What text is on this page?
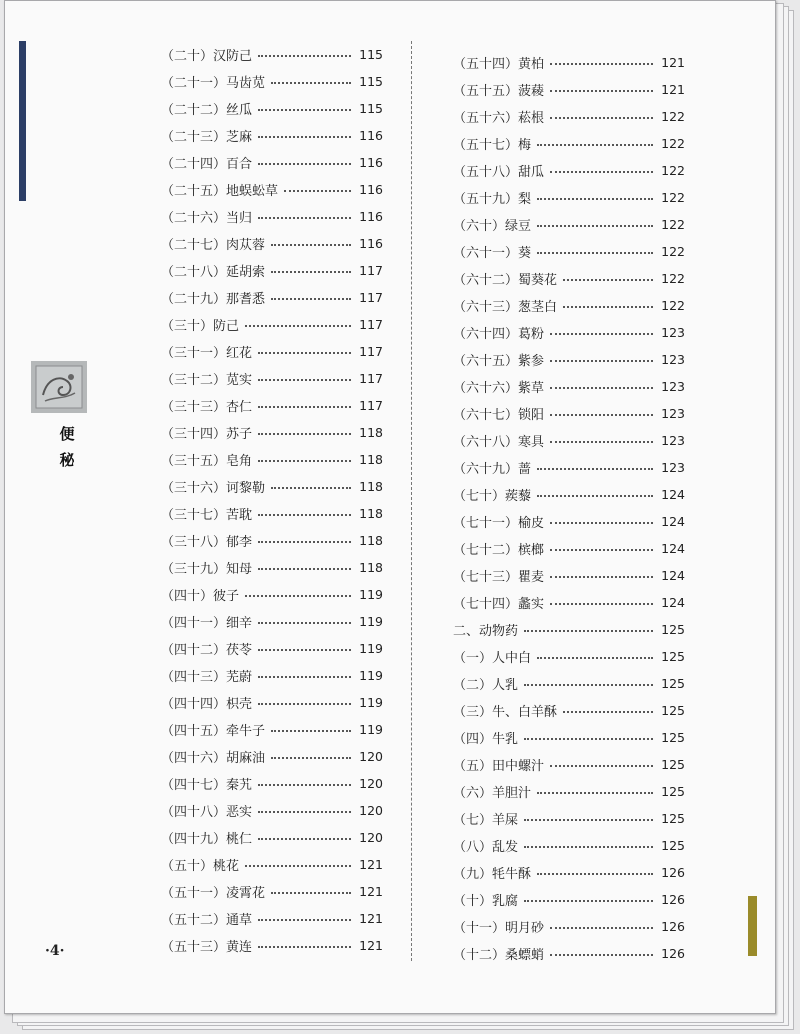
便秘
（二十）汉防己	115
（二十一）马齿苋	115
（二十二）丝瓜	115
（二十三）芝麻	116
（二十四）百合	116
（二十五）地蜈蚣草	116
（二十六）当归	116
（二十七）肉苁蓉	116
（二十八）延胡索	117
（二十九）那耆悉	117
（三十）防己	117
（三十一）红花	117
（三十二）苋实	117
（三十三）杏仁	117
（三十四）苏子	118
（三十五）皂角	118
（三十六）诃黎勒	118
（三十七）苦耽	118
（三十八）郁李	118
（三十九）知母	118
（四十）彼子	119
（四十一）细辛	119
（四十二）茯苓	119
（四十三）芜蔚	119
（四十四）枳壳	119
（四十五）牵牛子	119
（四十六）胡麻油	120
（四十七）秦艽	120
（四十八）恶实	120
（四十九）桃仁	120
（五十）桃花	121
（五十一）凌霄花	121
（五十二）通草	121
（五十三）黄连	121
（五十四）黄柏	121
（五十五）菠薐	121
（五十六）菘根	122
（五十七）梅	122
（五十八）甜瓜	122
（五十九）梨	122
（六十）绿豆	122
（六十一）葵	122
（六十二）蜀葵花	122
（六十三）葱茎白	122
（六十四）葛粉	123
（六十五）紫参	123
（六十六）紫草	123
（六十七）锁阳	123
（六十八）寒具	123
（六十九）蔷	123
（七十）蒺藜	124
（七十一）榆皮	124
（七十二）槟榔	124
（七十三）瞿麦	124
（七十四）蠡实	124
二、动物药	125
（一）人中白	125
（二）人乳	125
（三）牛、白羊酥	125
（四）牛乳	125
（五）田中螺汁	125
（六）羊胆汁	125
（七）羊屎	125
（八）乱发	125
（九）牦牛酥	126
（十）乳腐	126
（十一）明月砂	126
（十二）桑螵蛸	126
·4·
